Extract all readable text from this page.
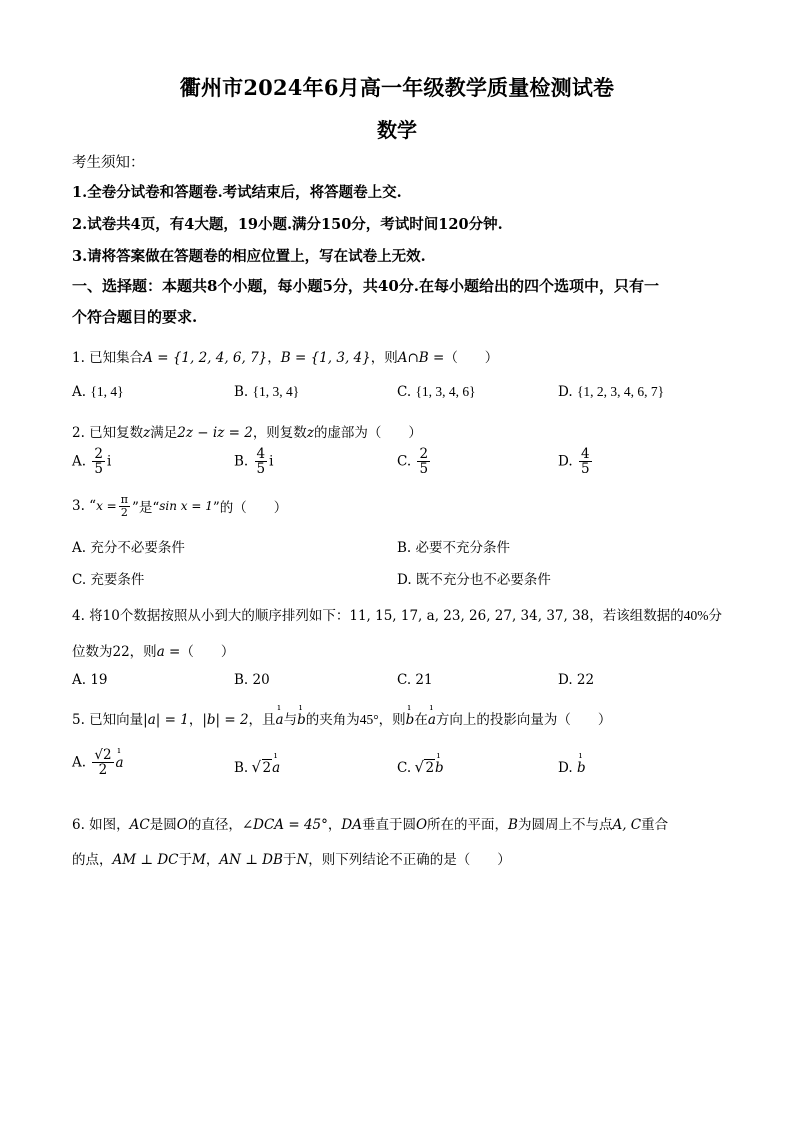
衢州市2024年6月高一年级教学质量检测试卷
数学
考生须知：
1.全卷分试卷和答题卷.考试结束后，将答题卷上交.
2.试卷共4页，有4大题，19小题.满分150分，考试时间120分钟.
3.请将答案做在答题卷的相应位置上，写在试卷上无效.
一、选择题：本题共8个小题，每小题5分，共40分.在每小题给出的四个选项中，只有一
个符合题目的要求.
1. 已知集合A = {1, 2, 4, 6, 7}，B = {1, 3, 4}，则A∩B =（　　）
A. {1, 4}	B. {1, 3, 4}	C. {1, 3, 4, 6}	D. {1, 2, 3, 4, 6, 7}
2. 已知复数z满足2z − iz = 2，则复数z的虚部为（　　）
A. $\frac{2}{5}$ i	B. $\frac{4}{5}$ i	C. $\frac{2}{5}$	D. $\frac{4}{5}$
3. “$x = \frac{\pi}{2}$ ”是“sin x = 1”的（　　）
A. 充分不必要条件	B. 必要不充分条件
C. 充要条件	D. 既不充分也不必要条件
4. 将10个数据按照从小到大的顺序排列如下：11, 15, 17, a, 23, 26, 27, 34, 37, 38，若该组数据的40%分
位数为22，则a =（　　）
A. 19	B. 20	C. 21	D. 22
5. 已知向量|a| = 1，|b| = 2，且ı a与ı b的夹角为45°，则ı b在ı a方向上的投影向量为（　　）
A. $\frac{√2}{2}$ ı a	B. √ 2ı a	C. √ 2ı b	D. ı b
6. 如图，AC是圆O的直径，∠DCA = 45°，DA垂直于圆O所在的平面，B为圆周上不与点A, C重合
的点，AM ⊥ DC于M，AN ⊥ DB于N，则下列结论不正确的是（　　）
